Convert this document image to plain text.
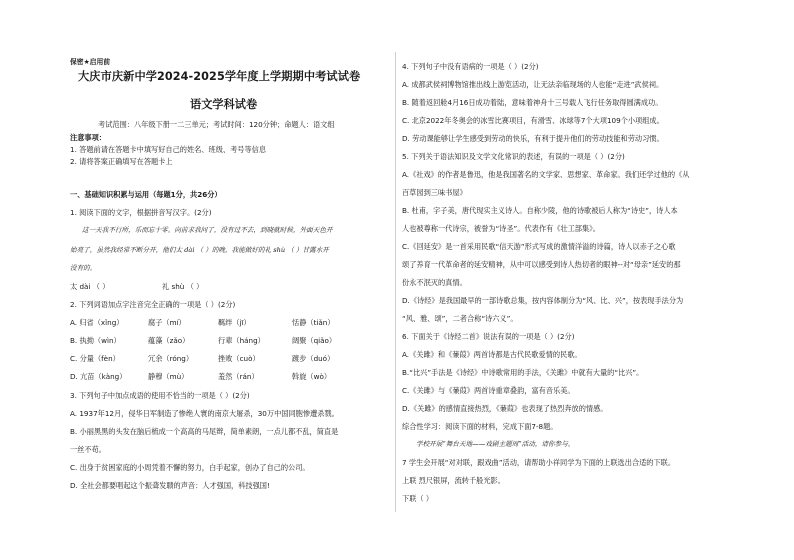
保密★启用前
大庆市庆新中学2024-2025学年度上学期期中考试试卷
语文学科试卷
考试范围：八年级下册一二三单元；考试时间：120分钟；命题人：语文组
注意事项：
1. 答题前请在答题卡中填写好自己的姓名、班级、考号等信息
2. 请将答案正确填写在答题卡上
一、基础知识积累与运用（每题1分，共26分）
1. 阅读下面的文字，根据拼音写汉字。(2分)
这一天我不行所，乐而忘十零。向前求我问了，没有过不去，到晓就时候，外面天色开
始亮了，虽然我经常不断分开，他们太 dài （ ）的晚，我能做好的礼 shù （ ）甘露水开
没有的。
太 dài （ ）	礼 shù （ ）
2. 下列词语加点字注音完全正确的一项是（ ）(2分)
A. 归省（xǐng）	腐子（mí）	羁绊（jī）	恬静（tiǎn）
B. 执拗（wìn）	蕴藻（zǎo）	行辈（háng）	阔聚（qiǎo）
C. 分量（fèn）	冗余（róng）	挫败（cuò）	踱步（duó）
D. 亢苗（kàng）	静穆（mù）	羞然（rán）	斡旋（wò）
3. 下列句子中加点成语的使用不恰当的一项是（ ）(2分)
A. 1937年12月，侵华日军制造了惨绝人寰的南京大屠杀，30万中国同胞惨遭杀戮。
B. 小丽黑黑的头发在脑后梳成一个高高的马尾辫，简单素朗，一点儿都不乱，简直是
一丝不苟。
C. 出身于贫困家庭的小周凭着不懈的努力，白手起家，创办了自己的公司。
D. 全社会都要唱起这个振聋发聩的声音：人才强国，科技强国!
4. 下列句子中没有语病的一项是（ ）(2分)
A. 成都武侯祠博物馆推出线上游览活动，让无法亲临现场的人也能“走进”武侯祠。
B. 随着返回舱4月16日成功着陆，意味着神舟十三号载人飞行任务取得圆满成功。
C. 北京2022年冬奥会的冰雪比赛项目，有滑雪、冰球等7个大项109个小项组成。
D. 劳动课能够让学生感受到劳动的快乐，有利于提升他们的劳动技能和劳动习惯。
5. 下列关于语法知识及文学文化常识的表述，有误的一项是（ ）(2分)
A.《社戏》的作者是鲁迅，他是我国著名的文学家、思想家、革命家。我们还学过他的《从
百草园到三味书屋》
B. 杜甫，字子美，唐代现实主义诗人。自称少陵，他的诗歌被后人称为“诗史”，诗人本
人也被尊称一代诗宗，被誉为“诗圣”。代表作有《壮工部集》。
C.《回延安》是一首采用民歌“信天游”形式写成的激情洋溢的诗篇，诗人以赤子之心歌
颂了养育一代革命者的延安精神，从中可以感受到诗人热切者的眼神--对“母亲”延安的那
份永不泯灭的真情。
D.《诗经》是我国最早的一部诗歌总集，按内容体制分为“风、比、兴”，按表现手法分为
“风、雅、颂”，二者合称“诗六义”。
6. 下面关于《诗经二首》说法有误的一项是（ ）(2分)
A.《关雎》和《蒹葭》两首诗都是古代民歌爱情的民歌。
B.“比兴”手法是《诗经》中诗歌常用的手法，《关雎》中就有大量的“比兴”。
C.《关雎》与《蒹葭》两首诗重章叠韵，富有音乐美。
D.《关雎》的感情直接热烈，《蒹葭》也表现了热烈奔放的情感。
综合性学习：阅读下面的材料，完成下面7-8题。
学校开展“舞台天地——戏剧主题周”活动，请你参与。
7 学生会开展“对对联，跟戏曲”活动，请帮助小祥同学为下面的上联选出合适的下联。
上联 烈尺银屏，流转千般光影。
下联（ ）
